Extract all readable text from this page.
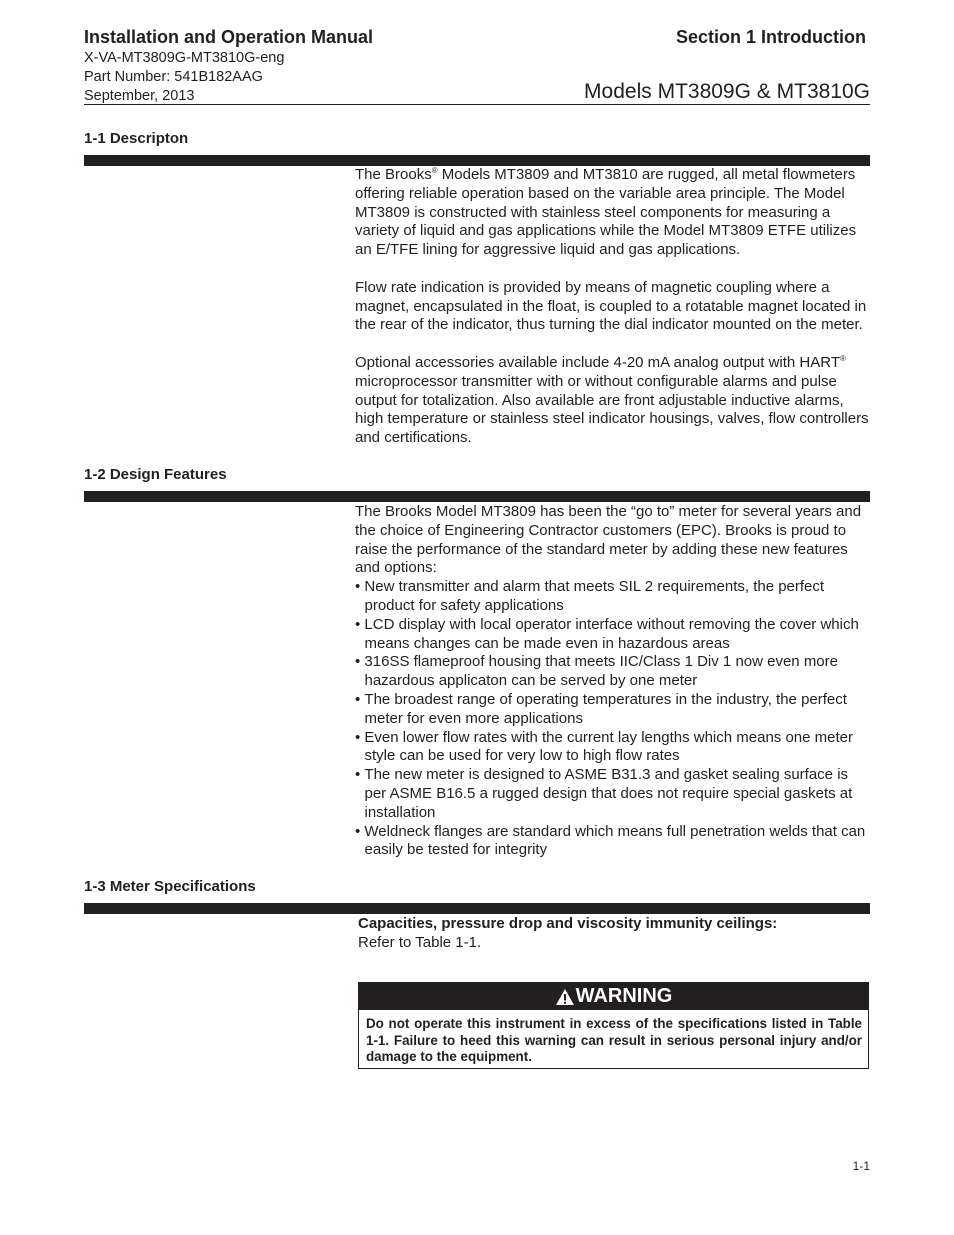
Installation and Operation Manual
X-VA-MT3809G-MT3810G-eng
Part Number: 541B182AAG
September, 2013
Section 1 Introduction
Models MT3809G & MT3810G
1-1 Descripton

The Brooks® Models MT3809 and MT3810 are rugged, all metal flowmeters offering reliable operation based on the variable area principle. The Model MT3809 is constructed with stainless steel components for measuring a variety of liquid and gas applications while the Model MT3809 ETFE utilizes an E/TFE lining for aggressive liquid and gas applications.

Flow rate indication is provided by means of magnetic coupling where a magnet, encapsulated in the float, is coupled to a rotatable magnet located in the rear of the indicator, thus turning the dial indicator mounted on the meter.

Optional accessories available include 4-20 mA analog output with HART® microprocessor transmitter with or without configurable alarms and pulse output for totalization. Also available are front adjustable inductive alarms, high temperature or stainless steel indicator housings, valves, flow controllers and certifications.

1-2 Design Features

The Brooks Model MT3809 has been the “go to” meter for several years and the choice of Engineering Contractor customers (EPC). Brooks is proud to raise the performance of the standard meter by adding these new features and options:

• New transmitter and alarm that meets SIL 2 requirements, the perfect product for safety applications
• LCD display with local operator interface without removing the cover which means changes can be made even in hazardous areas
• 316SS flameproof housing that meets IIC/Class 1 Div 1 now even more hazardous applicaton can be served by one meter
• The broadest range of operating temperatures in the industry, the perfect meter for even more applications
• Even lower flow rates with the current lay lengths which means one meter style can be used for very low to high flow rates
• The new meter is designed to ASME B31.3 and gasket sealing surface is per ASME B16.5 a rugged design that does not require special gaskets at installation
• Weldneck flanges are standard which means full penetration welds that can easily be tested for integrity
1-3 Meter Specifications

Capacities, pressure drop and viscosity immunity ceilings:

Refer to Table 1-1.

WARNING
Do not operate this instrument in excess of the specifications listed in Table 1-1. Failure to heed this warning can result in serious personal injury and/or damage to the equipment.
1-1
